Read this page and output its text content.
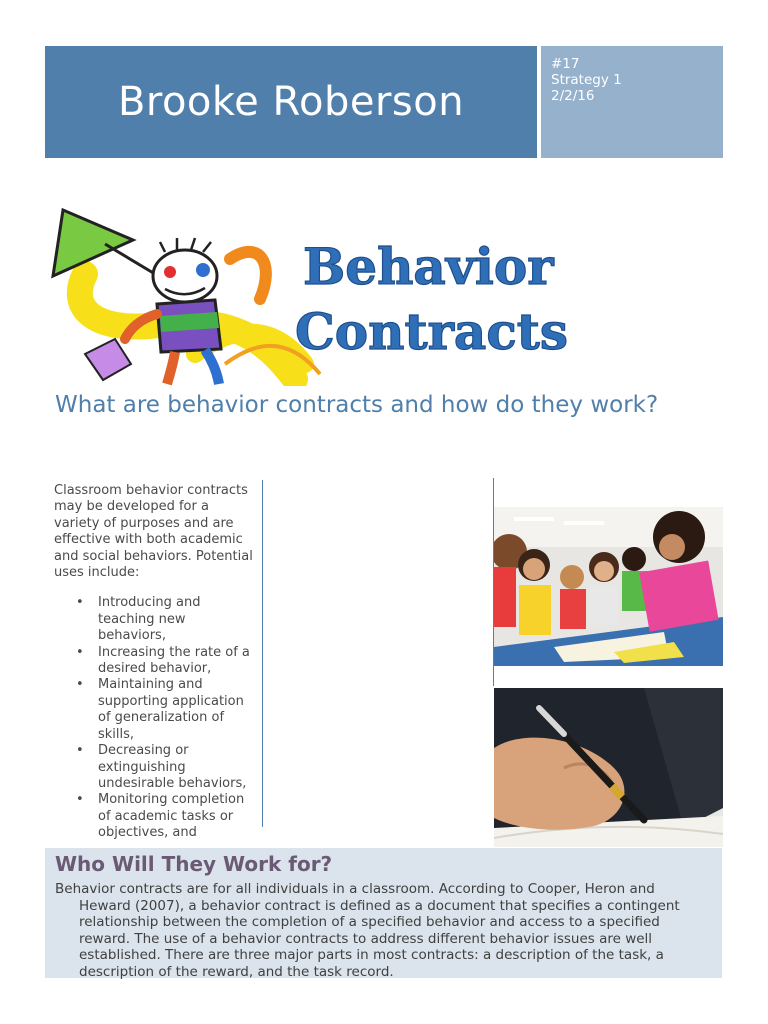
Brooke Roberson
#17
Strategy 1
2/2/16
Behavior
Contracts
What are behavior contracts and how do they work?

Classroom behavior contracts may be developed for a variety of purposes and are effective with both academic and social behaviors. Potential uses include:

• Introducing and teaching new behaviors,
• Increasing the rate of a desired behavior,
• Maintaining and supporting application of generalization of skills,
• Decreasing or extinguishing undesirable behaviors,
• Monitoring completion of academic tasks or objectives, and
Who Will They Work for?
Behavior contracts are for all individuals in a classroom. According to Cooper, Heron and Heward (2007), a behavior contract is defined as a document that specifies a contingent relationship between the completion of a specified behavior and access to a specified reward. The use of a behavior contracts to address different behavior issues are well established. There are three major parts in most contracts: a description of the task, a description of the reward, and the task record.
